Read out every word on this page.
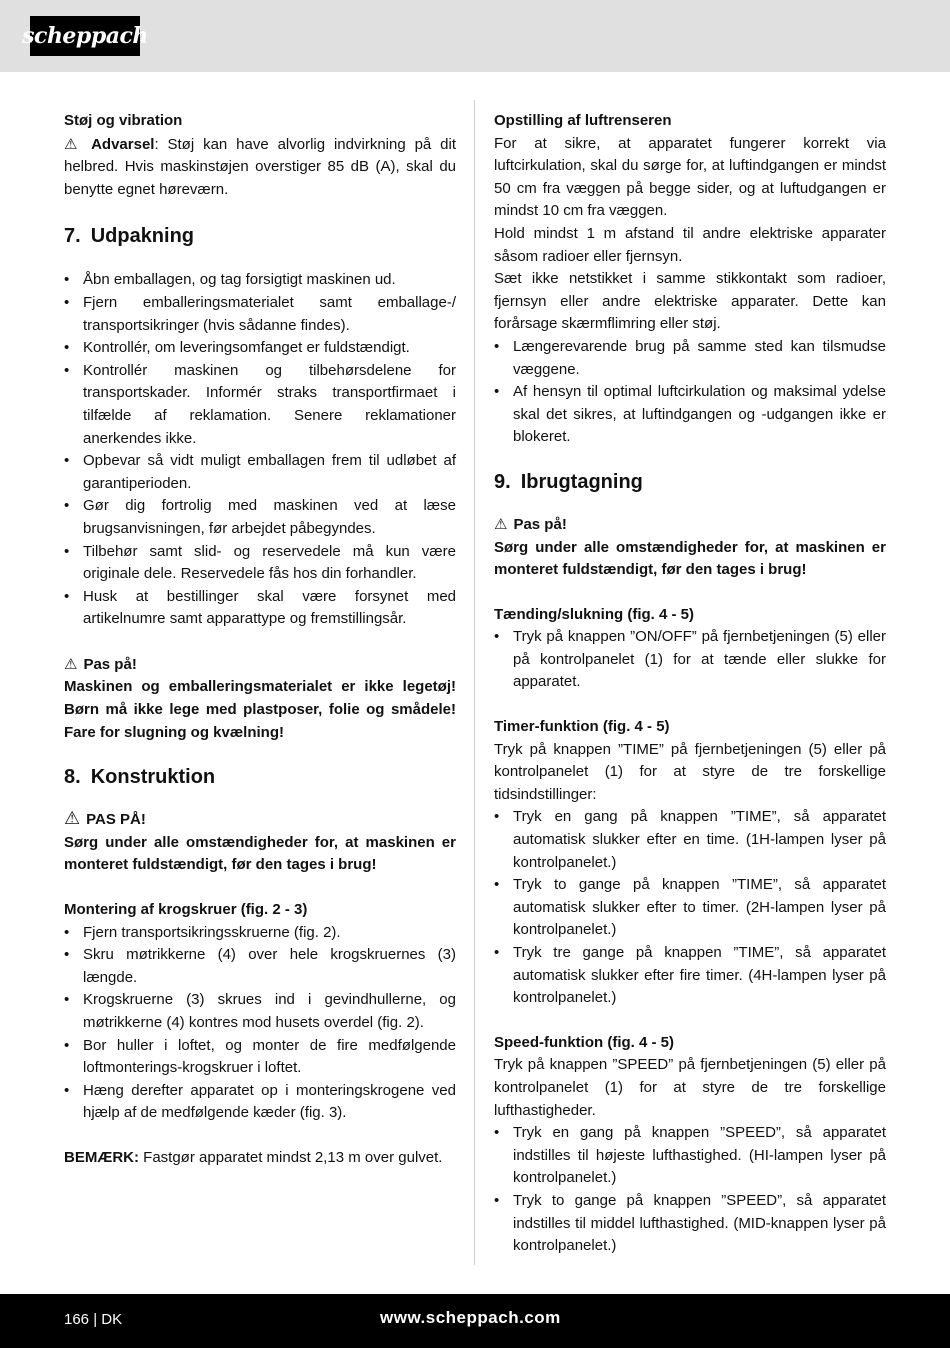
scheppach

Støj og vibration

⚠ Advarsel: Støj kan have alvorlig indvirkning på dit helbred. Hvis maskinstøjen overstiger 85 dB (A), skal du benytte egnet høreværn.

7. Udpakning
• Åbn emballagen, og tag forsigtigt maskinen ud.
• Fjern emballeringsmaterialet samt emballage-/ transportsikringer (hvis sådanne findes).
• Kontrollér, om leveringsomfanget er fuldstændigt.
• Kontrollér maskinen og tilbehørsdelene for transportskader. Informér straks transportfirmaet i tilfælde af reklamation. Senere reklamationer anerkendes ikke.
• Opbevar så vidt muligt emballagen frem til udløbet af garantiperioden.
• Gør dig fortrolig med maskinen ved at læse brugsanvisningen, før arbejdet påbegyndes.
• Tilbehør samt slid- og reservedele må kun være originale dele. Reservedele fås hos din forhandler.
• Husk at bestillinger skal være forsynet med artikelnumre samt apparattype og fremstillingsår.

⚠ Pas på!

Maskinen og emballeringsmaterialet er ikke legetøj! Børn må ikke lege med plastposer, folie og smådele! Fare for slugning og kvælning!

8. Konstruktion

⚠ PAS PÅ!

Sørg under alle omstændigheder for, at maskinen er monteret fuldstændigt, før den tages i brug!

Montering af krogskruer (fig. 2 - 3)

• Fjern transportsikringsskruerne (fig. 2).
• Skru møtrikkerne (4) over hele krogskruernes (3) længde.
• Krogskruerne (3) skrues ind i gevindhullerne, og møtrikkerne (4) kontres mod husets overdel (fig. 2).
• Bor huller i loftet, og monter de fire medfølgende loftmonterings-krogskruer i loftet.
• Hæng derefter apparatet op i monteringskrogene ved hjælp af de medfølgende kæder (fig. 3).

BEMÆRK: Fastgør apparatet mindst 2,13 m over gulvet.

Opstilling af luftrenseren

For at sikre, at apparatet fungerer korrekt via luftcirkulation, skal du sørge for, at luftindgangen er mindst 50 cm fra væggen på begge sider, og at luftudgangen er mindst 10 cm fra væggen.

Hold mindst 1 m afstand til andre elektriske apparater såsom radioer eller fjernsyn.

Sæt ikke netstikket i samme stikkontakt som radioer, fjernsyn eller andre elektriske apparater. Dette kan forårsage skærmflimring eller støj.

• Længerevarende brug på samme sted kan tilsmudse væggene.
• Af hensyn til optimal luftcirkulation og maksimal ydelse skal det sikres, at luftindgangen og -udgangen ikke er blokeret.
9. Ibrugtagning

⚠ Pas på!

Sørg under alle omstændigheder for, at maskinen er monteret fuldstændigt, før den tages i brug!

Tænding/slukning (fig. 4 - 5)

• Tryk på knappen ”ON/OFF” på fjernbetjeningen (5) eller på kontrolpanelet (1) for at tænde eller slukke for apparatet.

Timer-funktion (fig. 4 - 5)

Tryk på knappen ”TIME” på fjernbetjeningen (5) eller på kontrolpanelet (1) for at styre de tre forskellige tidsindstillinger:

• Tryk en gang på knappen ”TIME”, så apparatet automatisk slukker efter en time. (1H-lampen lyser på kontrolpanelet.)
• Tryk to gange på knappen ”TIME”, så apparatet automatisk slukker efter to timer. (2H-lampen lyser på kontrolpanelet.)
• Tryk tre gange på knappen ”TIME”, så apparatet automatisk slukker efter fire timer. (4H-lampen lyser på kontrolpanelet.)

Speed-funktion (fig. 4 - 5)

Tryk på knappen ”SPEED” på fjernbetjeningen (5) eller på kontrolpanelet (1) for at styre de tre forskellige lufthastigheder.

• Tryk en gang på knappen ”SPEED”, så apparatet indstilles til højeste lufthastighed. (HI-lampen lyser på kontrolpanelet.)
• Tryk to gange på knappen ”SPEED”, så apparatet indstilles til middel lufthastighed. (MID-knappen lyser på kontrolpanelet.)
166 | DK	www.scheppach.com
